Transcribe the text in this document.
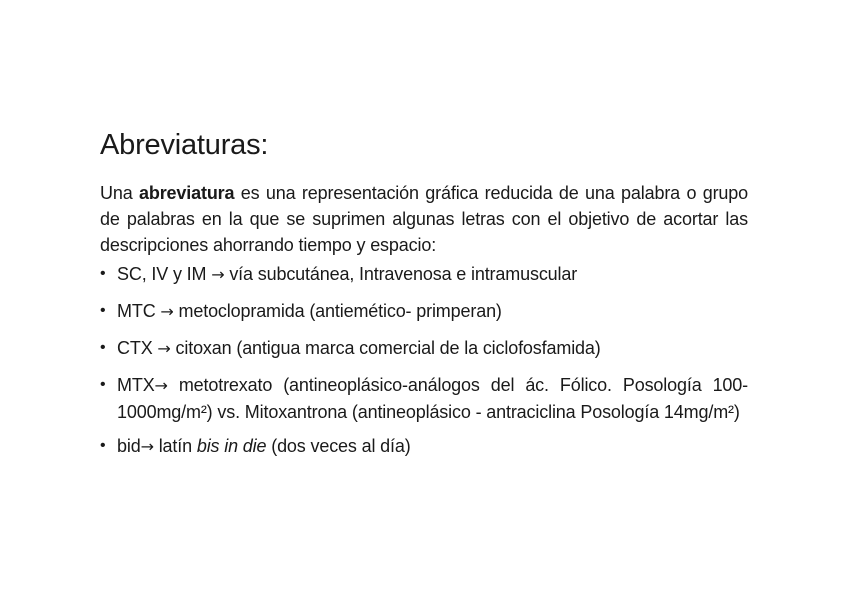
Abreviaturas:

Una abreviatura es una representación gráfica reducida de una palabra o grupo de palabras en la que se suprimen algunas letras con el objetivo de acortar las descripciones ahorrando tiempo y espacio:

• SC, IV y IM → vía subcutánea, Intravenosa e intramuscular
• MTC → metoclopramida (antiemético- primperan)
• CTX → citoxan (antigua marca comercial de la ciclofosfamida)
• MTX→ metotrexato (antineoplásico-análogos del ác. Fólico. Posología 100-1000mg/m²) vs. Mitoxantrona (antineoplásico - antraciclina Posología 14mg/m²)
• bid→ latín bis in die (dos veces al día)
